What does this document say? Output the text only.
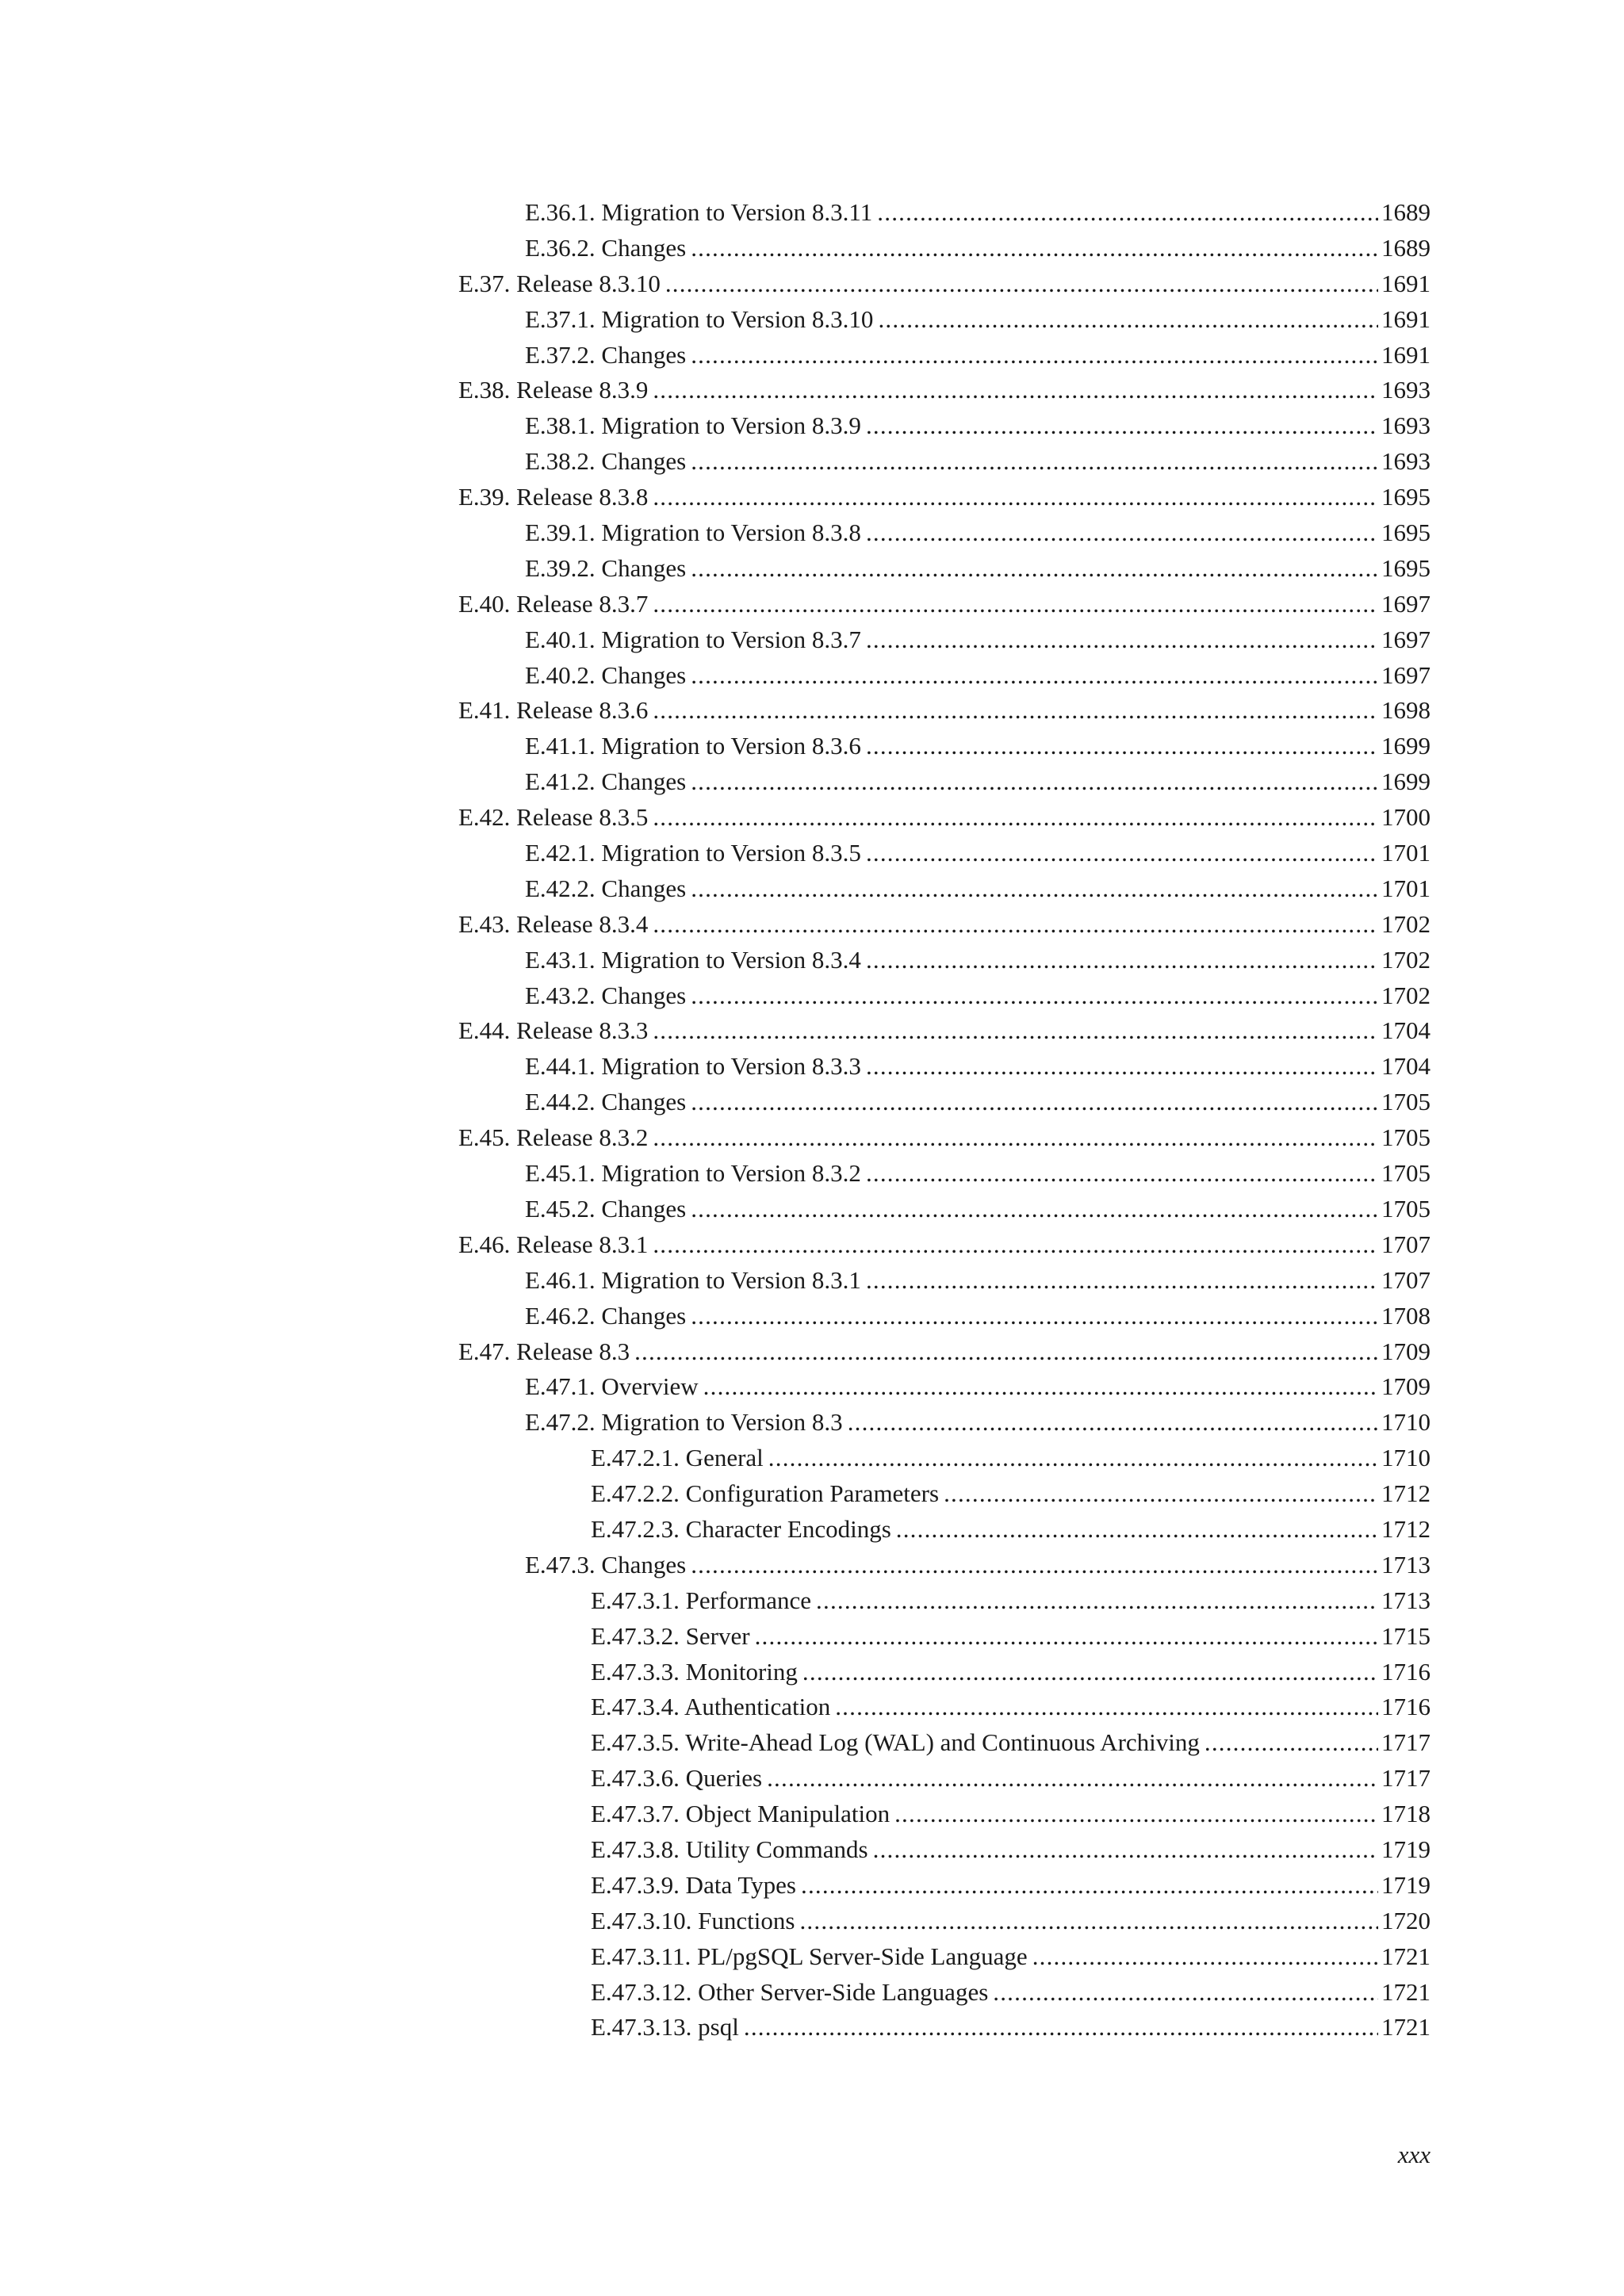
E.36.1. Migration to Version 8.3.11 .....	1689
E.36.2. Changes .....	1689
E.37. Release 8.3.10 .....	1691
E.37.1. Migration to Version 8.3.10 .....	1691
E.37.2. Changes .....	1691
E.38. Release 8.3.9 .....	1693
E.38.1. Migration to Version 8.3.9 .....	1693
E.38.2. Changes .....	1693
E.39. Release 8.3.8 .....	1695
E.39.1. Migration to Version 8.3.8 .....	1695
E.39.2. Changes .....	1695
E.40. Release 8.3.7 .....	1697
E.40.1. Migration to Version 8.3.7 .....	1697
E.40.2. Changes .....	1697
E.41. Release 8.3.6 .....	1698
E.41.1. Migration to Version 8.3.6 .....	1699
E.41.2. Changes .....	1699
E.42. Release 8.3.5 .....	1700
E.42.1. Migration to Version 8.3.5 .....	1701
E.42.2. Changes .....	1701
E.43. Release 8.3.4 .....	1702
E.43.1. Migration to Version 8.3.4 .....	1702
E.43.2. Changes .....	1702
E.44. Release 8.3.3 .....	1704
E.44.1. Migration to Version 8.3.3 .....	1704
E.44.2. Changes .....	1705
E.45. Release 8.3.2 .....	1705
E.45.1. Migration to Version 8.3.2 .....	1705
E.45.2. Changes .....	1705
E.46. Release 8.3.1 .....	1707
E.46.1. Migration to Version 8.3.1 .....	1707
E.46.2. Changes .....	1708
E.47. Release 8.3 .....	1709
E.47.1. Overview .....	1709
E.47.2. Migration to Version 8.3 .....	1710
E.47.2.1. General .....	1710
E.47.2.2. Configuration Parameters .....	1712
E.47.2.3. Character Encodings .....	1712
E.47.3. Changes .....	1713
E.47.3.1. Performance .....	1713
E.47.3.2. Server .....	1715
E.47.3.3. Monitoring .....	1716
E.47.3.4. Authentication .....	1716
E.47.3.5. Write-Ahead Log (WAL) and Continuous Archiving .....	1717
E.47.3.6. Queries .....	1717
E.47.3.7. Object Manipulation .....	1718
E.47.3.8. Utility Commands .....	1719
E.47.3.9. Data Types .....	1719
E.47.3.10. Functions .....	1720
E.47.3.11. PL/pgSQL Server-Side Language .....	1721
E.47.3.12. Other Server-Side Languages .....	1721
E.47.3.13. psql .....	1721
xxx
